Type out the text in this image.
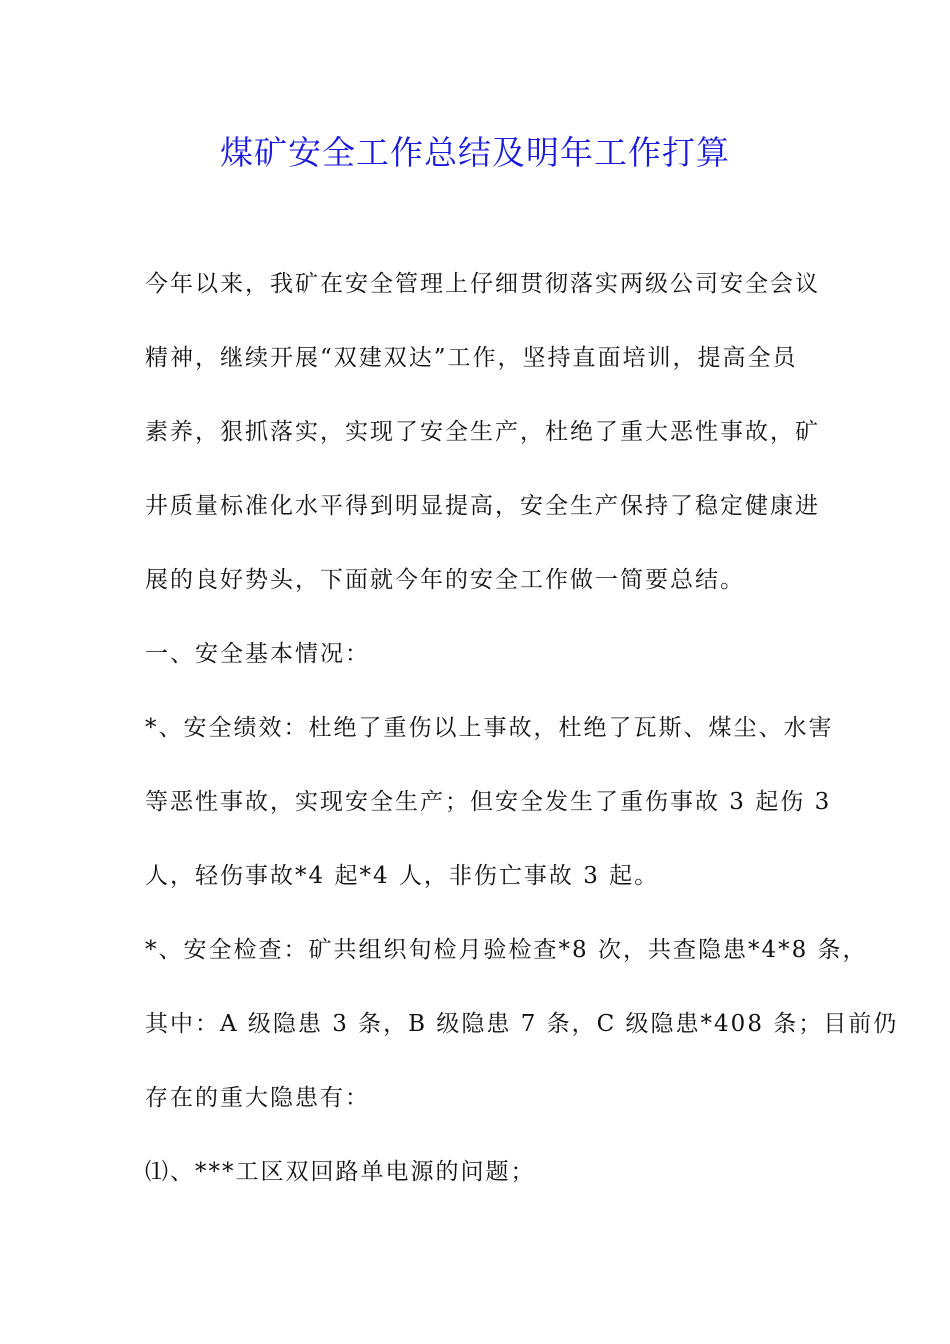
煤矿安全工作总结及明年工作打算
今年以来，我矿在安全管理上仔细贯彻落实两级公司安全会议
精神，继续开展“双建双达”工作，坚持直面培训，提高全员
素养，狠抓落实，实现了安全生产，杜绝了重大恶性事故，矿
井质量标准化水平得到明显提高，安全生产保持了稳定健康进
展的良好势头，下面就今年的安全工作做一简要总结。
一、安全基本情况：
*、安全绩效：杜绝了重伤以上事故，杜绝了瓦斯、煤尘、水害
等恶性事故，实现安全生产；但安全发生了重伤事故 3 起伤 3
人，轻伤事故*4 起*4 人，非伤亡事故 3 起。
*、安全检查：矿共组织旬检月验检查*8 次，共查隐患*4*8 条，
其中：A 级隐患 3 条，B 级隐患 7 条，C 级隐患*408 条；目前仍
存在的重大隐患有：
⑴、***工区双回路单电源的问题；
